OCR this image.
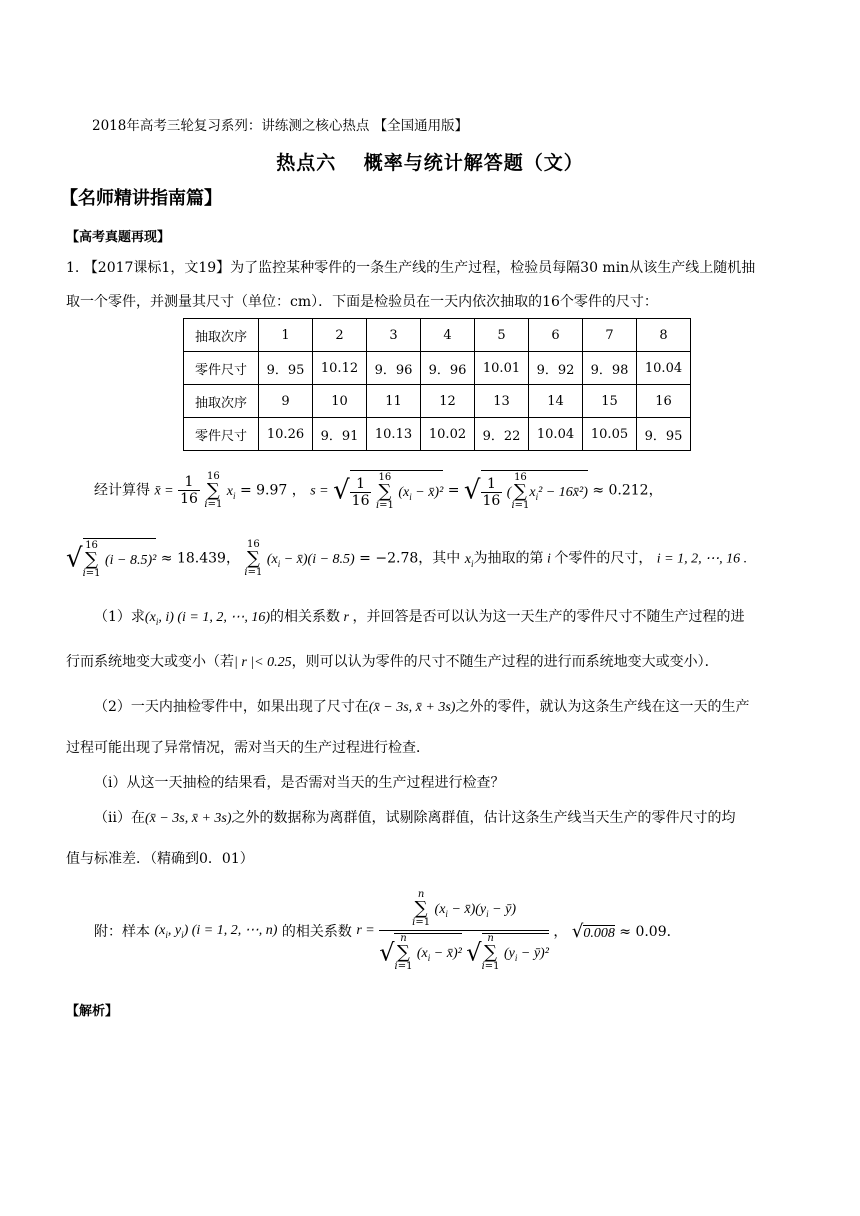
2018年高考三轮复习系列：讲练测之核心热点 【全国通用版】
热点六　 概率与统计解答题（文）
【名师精讲指南篇】
【高考真题再现】
1. 【2017课标1，文19】为了监控某种零件的一条生产线的生产过程，检验员每隔30 min从该生产线上随机抽
取一个零件，并测量其尺寸（单位：cm）．下面是检验员在一天内依次抽取的16个零件的尺寸：
抽取次序	1	2	3	4	5	6	7	8
零件尺寸	9．95	10.12	9．96	9．96	10.01	9．92	9．98	10.04
抽取次序	9	10	11	12	13	14	15	16
零件尺寸	10.26	9．91	10.13	10.02	9．22	10.04	10.05	9．95
经计算得 x̄ = $\frac{1}{16}$
16
∑
i=1
$x_i = 9.97$ ， s = √ $\frac{1}{16}$
16
∑
i=1
($x_i$ − x̄)² = √ $\frac{1}{16}$ (
16
∑
i=1
$x_i^2$ − 16x̄²) ≈ 0.212，
√ 16
∑
i=1
(i − 8.5)² ≈ 18.439，
16
∑
i=1
($x_i$ − x̄)(i − 8.5) = −2.78，其中 $x_i$为抽取的第 i 个零件的尺寸， i = 1, 2, ⋯, 16 .
（1）求($x_i$, i) (i = 1, 2, ⋯, 16)的相关系数 r ，并回答是否可以认为这一天生产的零件尺寸不随生产过程的进
行而系统地变大或变小（若| r |< 0.25，则可以认为零件的尺寸不随生产过程的进行而系统地变大或变小）．
（2）一天内抽检零件中，如果出现了尺寸在(x̄ − 3s, x̄ + 3s)之外的零件，就认为这条生产线在这一天的生产
过程可能出现了异常情况，需对当天的生产过程进行检查．
（ⅰ）从这一天抽检的结果看，是否需对当天的生产过程进行检查？
（ⅱ）在(x̄ − 3s, x̄ + 3s)之外的数据称为离群值，试剔除离群值，估计这条生产线当天生产的零件尺寸的均
值与标准差．（精确到0．01）
附：样本 ($x_i$, $y_i$) (i = 1, 2, ⋯, n) 的相关系数 r =
n
∑
i=1
($x_i$ − $x̄)(y_i$ − ȳ)
√ n
∑
i=1
($x_i$ − x̄)² √ n
∑
i=1
($y_i$ − ȳ)²
， √0.008 ≈ 0.09．
【解析】
